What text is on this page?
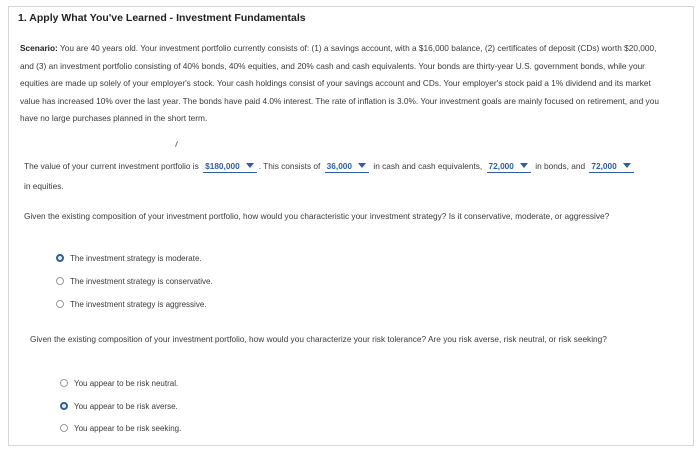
1. Apply What You've Learned - Investment Fundamentals
Scenario: You are 40 years old. Your investment portfolio currently consists of: (1) a savings account, with a $16,000 balance, (2) certificates of deposit (CDs) worth $20,000, and (3) an investment portfolio consisting of 40% bonds, 40% equities, and 20% cash and cash equivalents. Your bonds are thirty-year U.S. government bonds, while your equities are made up solely of your employer's stock. Your cash holdings consist of your savings account and CDs. Your employer's stock paid a 1% dividend and its market value has increased 10% over the last year. The bonds have paid 4.0% interest. The rate of inflation is 3.0%. Your investment goals are mainly focused on retirement, and you have no large purchases planned in the short term.
The value of your current investment portfolio is $180,000 . This consists of 36,000	in cash and cash equivalents, 72,000	in bonds, and 72,000 in equities.
Given the existing composition of your investment portfolio, how would you characteristic your investment strategy? Is it conservative, moderate, or aggressive?
The investment strategy is moderate.
The investment strategy is conservative.
The investment strategy is aggressive.
Given the existing composition of your investment portfolio, how would you characterize your risk tolerance? Are you risk averse, risk neutral, or risk seeking?
You appear to be risk neutral.
You appear to be risk averse.
You appear to be risk seeking.
